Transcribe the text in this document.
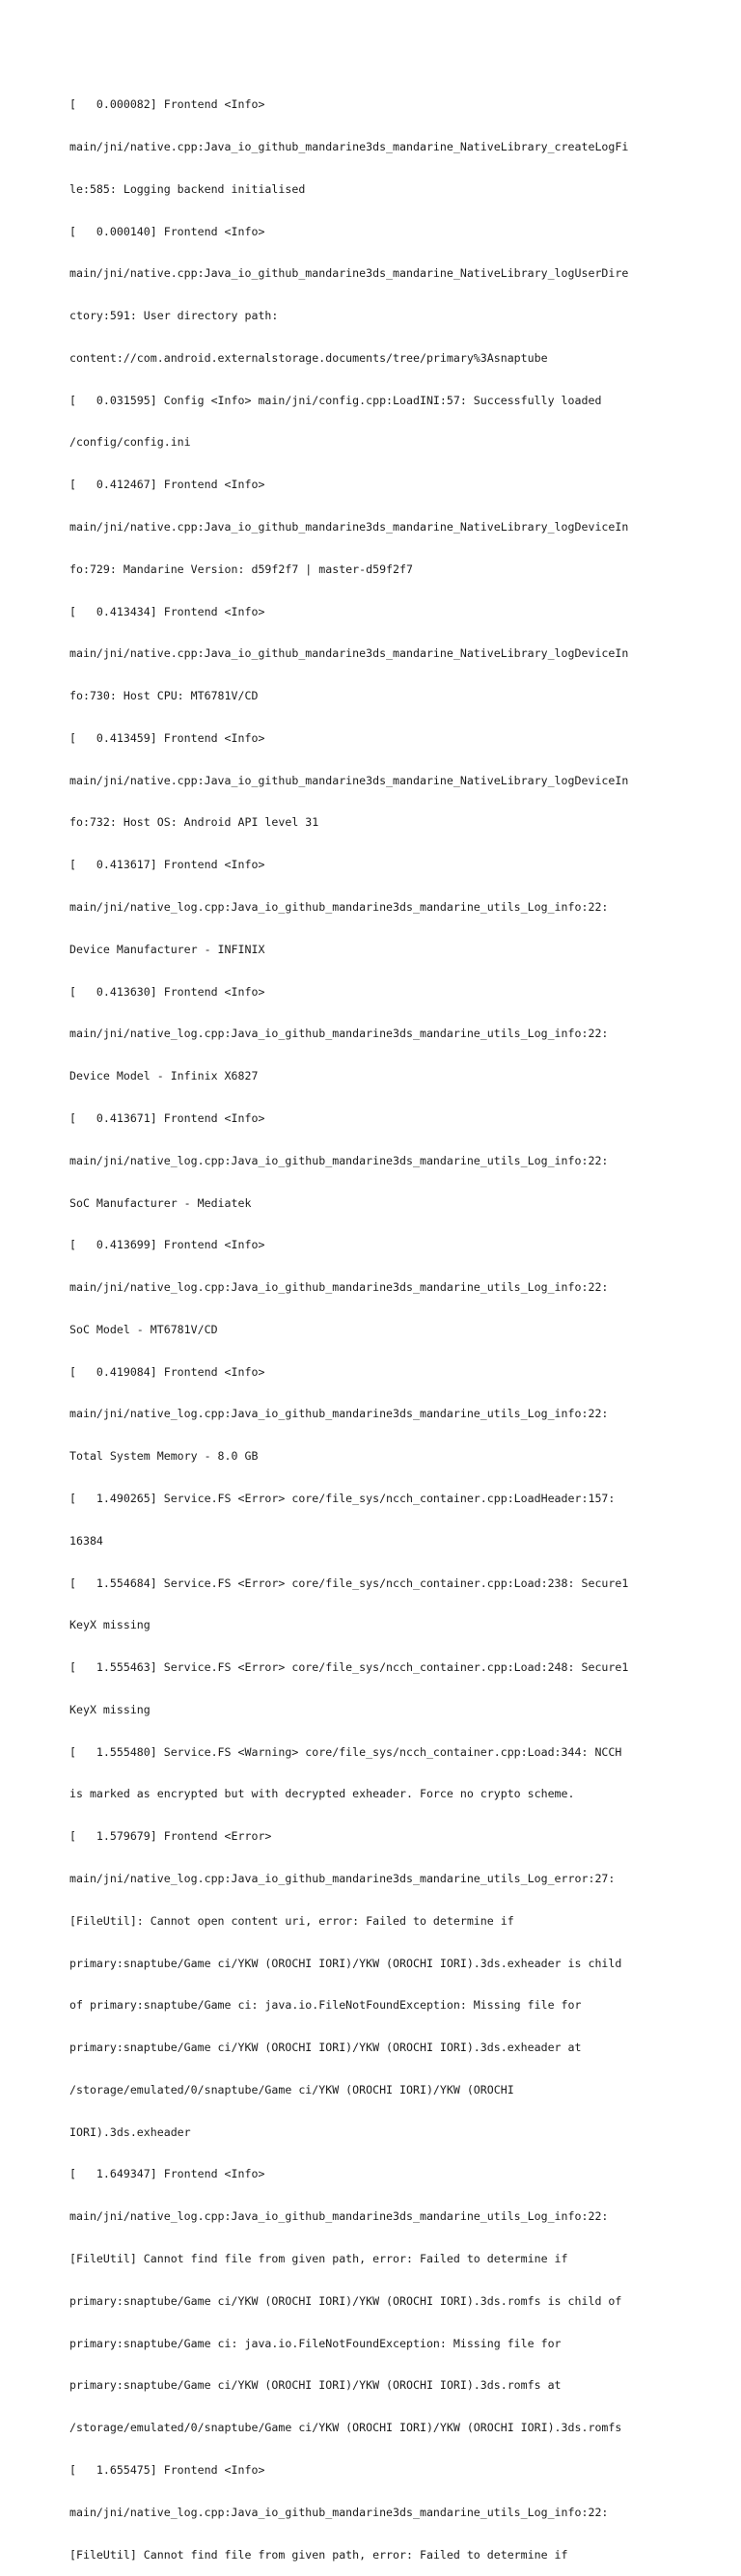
[   0.000082] Frontend <Info>

main/jni/native.cpp:Java_io_github_mandarine3ds_mandarine_NativeLibrary_createLogFi

le:585: Logging backend initialised

[   0.000140] Frontend <Info>

main/jni/native.cpp:Java_io_github_mandarine3ds_mandarine_NativeLibrary_logUserDire

ctory:591: User directory path:

content://com.android.externalstorage.documents/tree/primary%3Asnaptube

[   0.031595] Config <Info> main/jni/config.cpp:LoadINI:57: Successfully loaded

/config/config.ini

[   0.412467] Frontend <Info>

main/jni/native.cpp:Java_io_github_mandarine3ds_mandarine_NativeLibrary_logDeviceIn

fo:729: Mandarine Version: d59f2f7 | master-d59f2f7

[   0.413434] Frontend <Info>

main/jni/native.cpp:Java_io_github_mandarine3ds_mandarine_NativeLibrary_logDeviceIn

fo:730: Host CPU: MT6781V/CD

[   0.413459] Frontend <Info>

main/jni/native.cpp:Java_io_github_mandarine3ds_mandarine_NativeLibrary_logDeviceIn

fo:732: Host OS: Android API level 31

[   0.413617] Frontend <Info>

main/jni/native_log.cpp:Java_io_github_mandarine3ds_mandarine_utils_Log_info:22:

Device Manufacturer - INFINIX

[   0.413630] Frontend <Info>

main/jni/native_log.cpp:Java_io_github_mandarine3ds_mandarine_utils_Log_info:22:

Device Model - Infinix X6827

[   0.413671] Frontend <Info>

main/jni/native_log.cpp:Java_io_github_mandarine3ds_mandarine_utils_Log_info:22:

SoC Manufacturer - Mediatek

[   0.413699] Frontend <Info>

main/jni/native_log.cpp:Java_io_github_mandarine3ds_mandarine_utils_Log_info:22:

SoC Model - MT6781V/CD

[   0.419084] Frontend <Info>

main/jni/native_log.cpp:Java_io_github_mandarine3ds_mandarine_utils_Log_info:22:

Total System Memory - 8.0 GB

[   1.490265] Service.FS <Error> core/file_sys/ncch_container.cpp:LoadHeader:157:

16384

[   1.554684] Service.FS <Error> core/file_sys/ncch_container.cpp:Load:238: Secure1

KeyX missing

[   1.555463] Service.FS <Error> core/file_sys/ncch_container.cpp:Load:248: Secure1

KeyX missing

[   1.555480] Service.FS <Warning> core/file_sys/ncch_container.cpp:Load:344: NCCH

is marked as encrypted but with decrypted exheader. Force no crypto scheme.

[   1.579679] Frontend <Error>

main/jni/native_log.cpp:Java_io_github_mandarine3ds_mandarine_utils_Log_error:27:

[FileUtil]: Cannot open content uri, error: Failed to determine if

primary:snaptube/Game ci/YKW (OROCHI IORI)/YKW (OROCHI IORI).3ds.exheader is child

of primary:snaptube/Game ci: java.io.FileNotFoundException: Missing file for

primary:snaptube/Game ci/YKW (OROCHI IORI)/YKW (OROCHI IORI).3ds.exheader at

/storage/emulated/0/snaptube/Game ci/YKW (OROCHI IORI)/YKW (OROCHI

IORI).3ds.exheader

[   1.649347] Frontend <Info>

main/jni/native_log.cpp:Java_io_github_mandarine3ds_mandarine_utils_Log_info:22:

[FileUtil] Cannot find file from given path, error: Failed to determine if

primary:snaptube/Game ci/YKW (OROCHI IORI)/YKW (OROCHI IORI).3ds.romfs is child of

primary:snaptube/Game ci: java.io.FileNotFoundException: Missing file for

primary:snaptube/Game ci/YKW (OROCHI IORI)/YKW (OROCHI IORI).3ds.romfs at

/storage/emulated/0/snaptube/Game ci/YKW (OROCHI IORI)/YKW (OROCHI IORI).3ds.romfs

[   1.655475] Frontend <Info>

main/jni/native_log.cpp:Java_io_github_mandarine3ds_mandarine_utils_Log_info:22:

[FileUtil] Cannot find file from given path, error: Failed to determine if
